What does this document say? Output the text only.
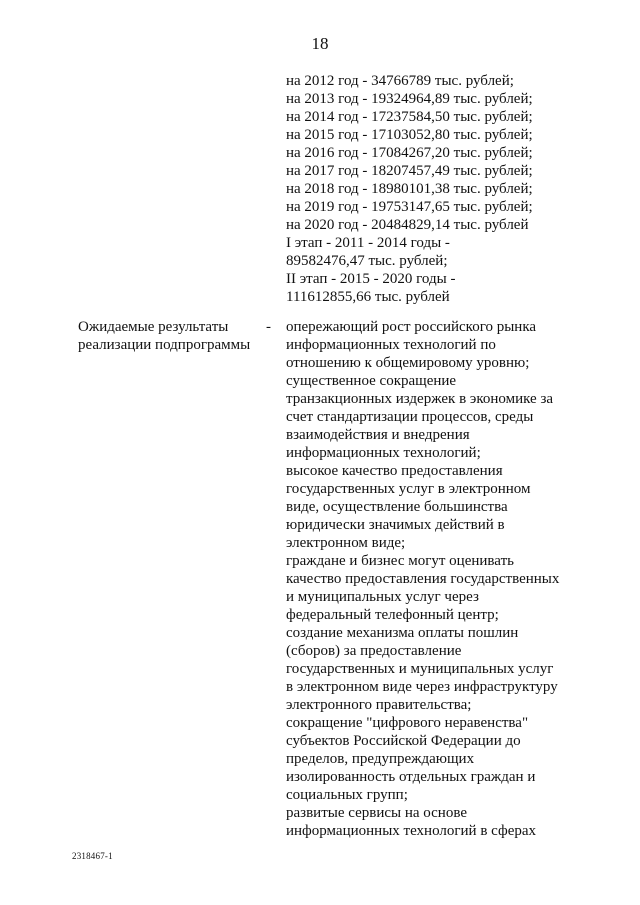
18
на 2012 год - 34766789 тыс. рублей;
на 2013 год - 19324964,89 тыс. рублей;
на 2014 год - 17237584,50 тыс. рублей;
на 2015 год - 17103052,80 тыс. рублей;
на 2016 год - 17084267,20 тыс. рублей;
на 2017 год - 18207457,49 тыс. рублей;
на 2018 год - 18980101,38 тыс. рублей;
на 2019 год - 19753147,65 тыс. рублей;
на 2020 год - 20484829,14 тыс. рублей
I этап - 2011 - 2014 годы -
89582476,47 тыс. рублей;
II этап - 2015 - 2020 годы -
111612855,66 тыс. рублей
Ожидаемые результаты
реализации подпрограммы
- опережающий рост российского рынка
информационных технологий по
отношению к общемировому уровню;
существенное сокращение
транзакционных издержек в экономике за
счет стандартизации процессов, среды
взаимодействия и внедрения
информационных технологий;
высокое качество предоставления
государственных услуг в электронном
виде, осуществление большинства
юридически значимых действий в
электронном виде;
граждане и бизнес могут оценивать
качество предоставления государственных
и муниципальных услуг через
федеральный телефонный центр;
создание механизма оплаты пошлин
(сборов) за предоставление
государственных и муниципальных услуг
в электронном виде через инфраструктуру
электронного правительства;
сокращение "цифрового неравенства"
субъектов Российской Федерации до
пределов, предупреждающих
изолированность отдельных граждан и
социальных групп;
развитые сервисы на основе
информационных технологий в сферах
2318467-1
